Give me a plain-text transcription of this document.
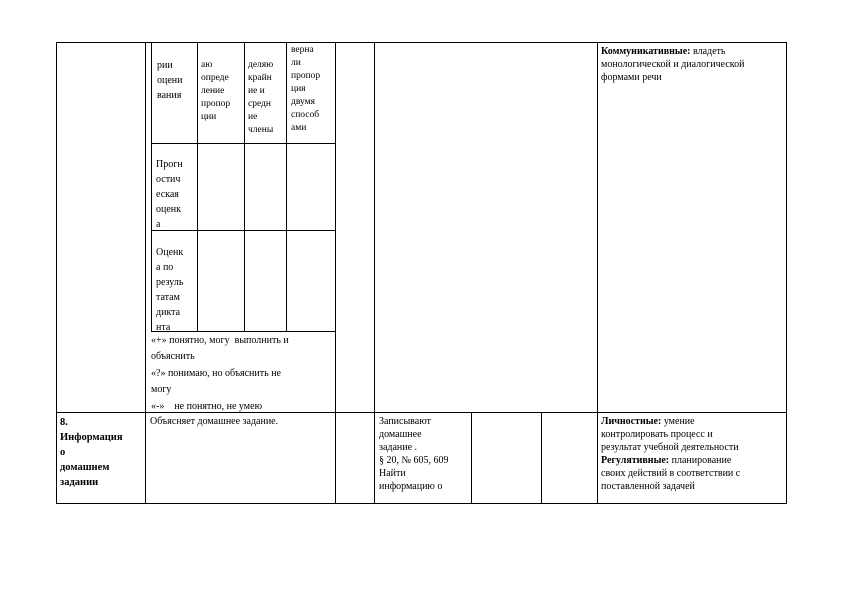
рии
оцени
вания
аю
опреде
ление
пропор
ции
деляю
крайн
ие и
средн
ие
члены
верна
ли
пропор
ция
двумя
способ
ами
Прогн
остич
еская
оценк
а
Оценк
а по
резуль
татам
дикта
нта
«+» понятно, могу  выполнить и
объяснить
«?» понимаю, но объяснить не
могу
«-»    не понятно, не умею
Коммуникативные: владеть
монологической и диалогической
формами речи
8.
Информация
о
домашнем
задании
Объясняет домашнее задание.	Записывают
домашнее
задание .
§ 20, № 605, 609
Найти
информацию о
Личностные: умение
контролировать процесс и
результат учебной деятельности
Регулятивные: планирование
своих действий в соответствии с
поставленной задачей
